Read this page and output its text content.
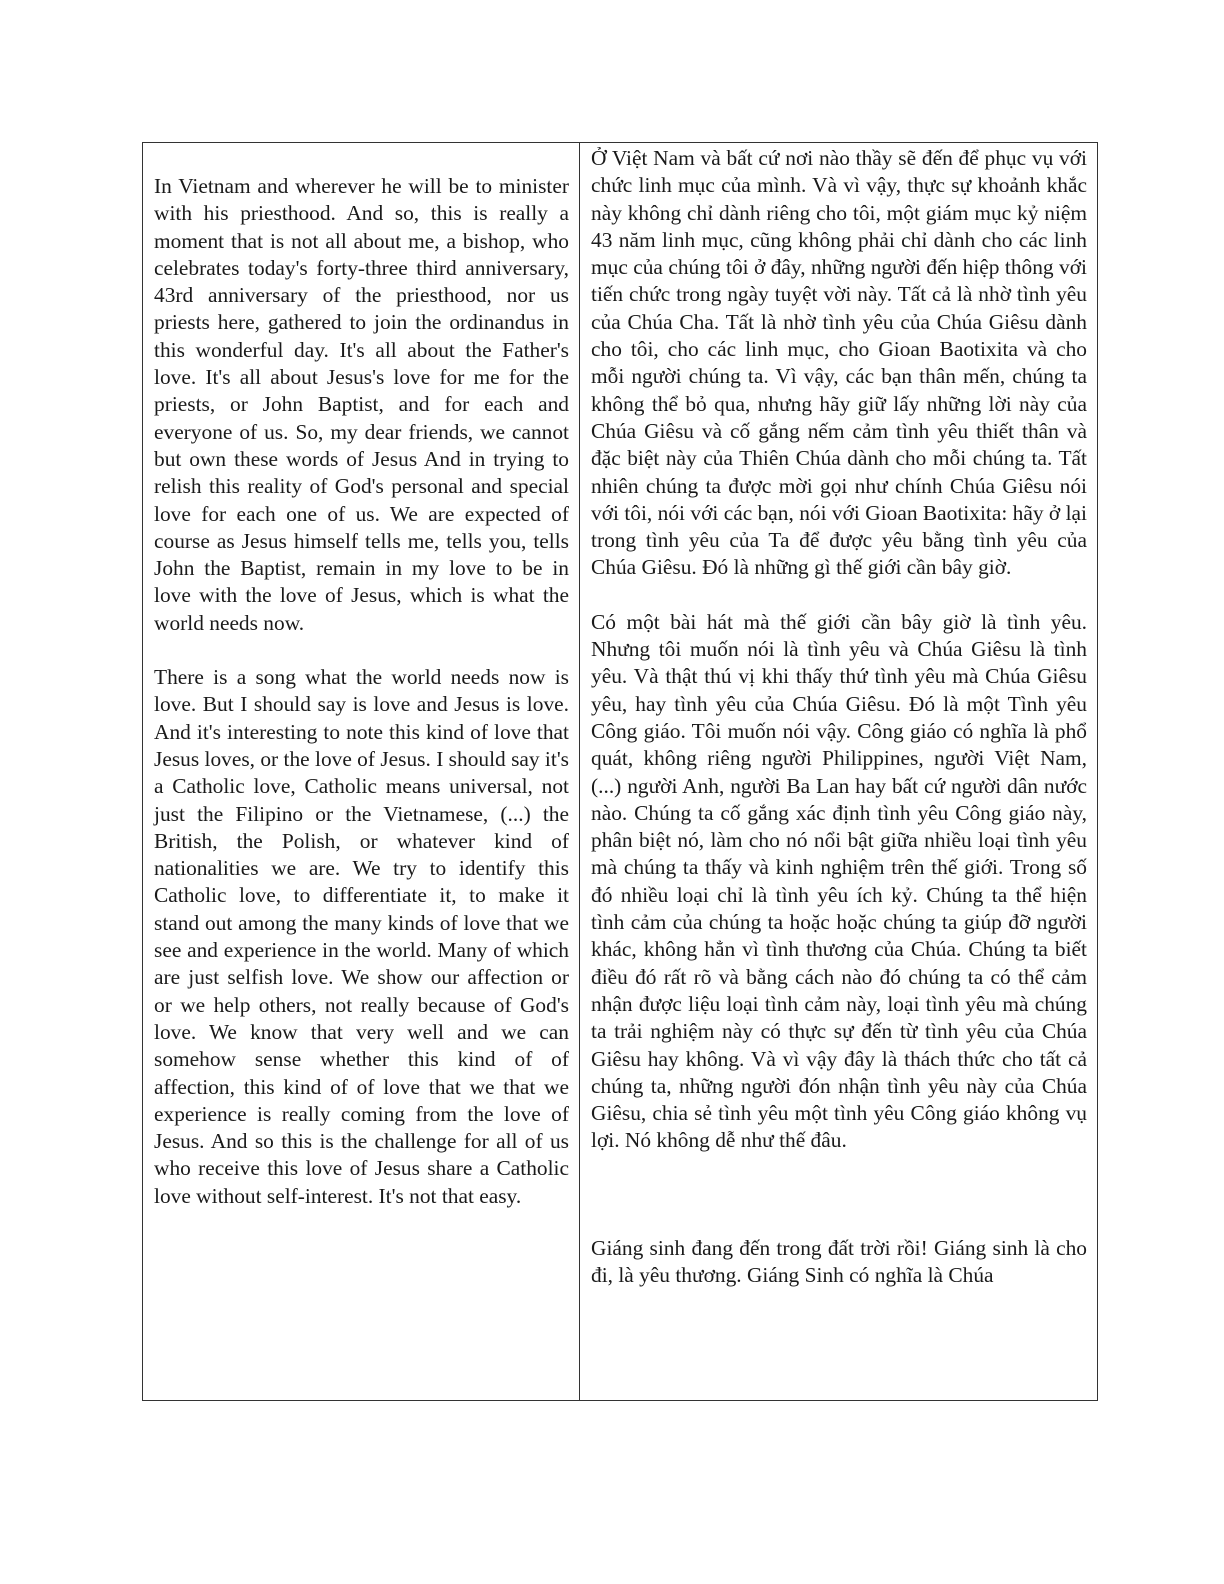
In Vietnam and wherever he will be to minister with his priesthood. And so, this is really a moment that is not all about me, a bishop, who celebrates today's forty-three third anniversary, 43rd anniversary of the priesthood, nor us priests here, gathered to join the ordinandus in this wonderful day. It's all about the Father's love. It's all about Jesus's love for me for the priests, or John Baptist, and for each and everyone of us. So, my dear friends, we cannot but own these words of Jesus And in trying to relish this reality of God's personal and special love for each one of us. We are expected of course as Jesus himself tells me, tells you, tells John the Baptist, remain in my love to be in love with the love of Jesus, which is what the world needs now.

There is a song what the world needs now is love. But I should say is love and Jesus is love. And it's interesting to note this kind of love that Jesus loves, or the love of Jesus. I should say it's a Catholic love, Catholic means universal, not just the Filipino or the Vietnamese, (...) the British, the Polish, or whatever kind of nationalities we are. We try to identify this Catholic love, to differentiate it, to make it stand out among the many kinds of love that we see and experience in the world. Many of which are just selfish love. We show our affection or or we help others, not really because of God's love. We know that very well and we can somehow sense whether this kind of of affection, this kind of of love that we that we experience is really coming from the love of Jesus. And so this is the challenge for all of us who receive this love of Jesus share a Catholic love without self-interest. It's not that easy.

Ở Việt Nam và bất cứ nơi nào thầy sẽ đến để phục vụ với chức linh mục của mình. Và vì vậy, thực sự khoảnh khắc này không chỉ dành riêng cho tôi, một giám mục kỷ niệm 43 năm linh mục, cũng không phải chỉ dành cho các linh mục của chúng tôi ở đây, những người đến hiệp thông với tiến chức trong ngày tuyệt vời này. Tất cả là nhờ tình yêu của Chúa Cha. Tất là nhờ tình yêu của Chúa Giêsu dành cho tôi, cho các linh mục, cho Gioan Baotixita và cho mỗi người chúng ta. Vì vậy, các bạn thân mến, chúng ta không thể bỏ qua, nhưng hãy giữ lấy những lời này của Chúa Giêsu và cố gắng nếm cảm tình yêu thiết thân và đặc biệt này của Thiên Chúa dành cho mỗi chúng ta. Tất nhiên chúng ta được mời gọi như chính Chúa Giêsu nói với tôi, nói với các bạn, nói với Gioan Baotixita: hãy ở lại trong tình yêu của Ta để được yêu bằng tình yêu của Chúa Giêsu. Đó là những gì thế giới cần bây giờ.

Có một bài hát mà thế giới cần bây giờ là tình yêu. Nhưng tôi muốn nói là tình yêu và Chúa Giêsu là tình yêu. Và thật thú vị khi thấy thứ tình yêu mà Chúa Giêsu yêu, hay tình yêu của Chúa Giêsu. Đó là một Tình yêu Công giáo. Tôi muốn nói vậy. Công giáo có nghĩa là phổ quát, không riêng người Philippines, người Việt Nam, (...) người Anh, người Ba Lan hay bất cứ người dân nước nào. Chúng ta cố gắng xác định tình yêu Công giáo này, phân biệt nó, làm cho nó nổi bật giữa nhiều loại tình yêu mà chúng ta thấy và kinh nghiệm trên thế giới. Trong số đó nhiều loại chỉ là tình yêu ích kỷ. Chúng ta thể hiện tình cảm của chúng ta hoặc hoặc chúng ta giúp đỡ người khác, không hẳn vì tình thương của Chúa. Chúng ta biết điều đó rất rõ và bằng cách nào đó chúng ta có thể cảm nhận được liệu loại tình cảm này, loại tình yêu mà chúng ta trải nghiệm này có thực sự đến từ tình yêu của Chúa Giêsu hay không. Và vì vậy đây là thách thức cho tất cả chúng ta, những người đón nhận tình yêu này của Chúa Giêsu, chia sẻ tình yêu một tình yêu Công giáo không vụ lợi. Nó không dễ như thế đâu.

Giáng sinh đang đến trong đất trời rồi! Giáng sinh là cho đi, là yêu thương. Giáng Sinh có nghĩa là Chúa
